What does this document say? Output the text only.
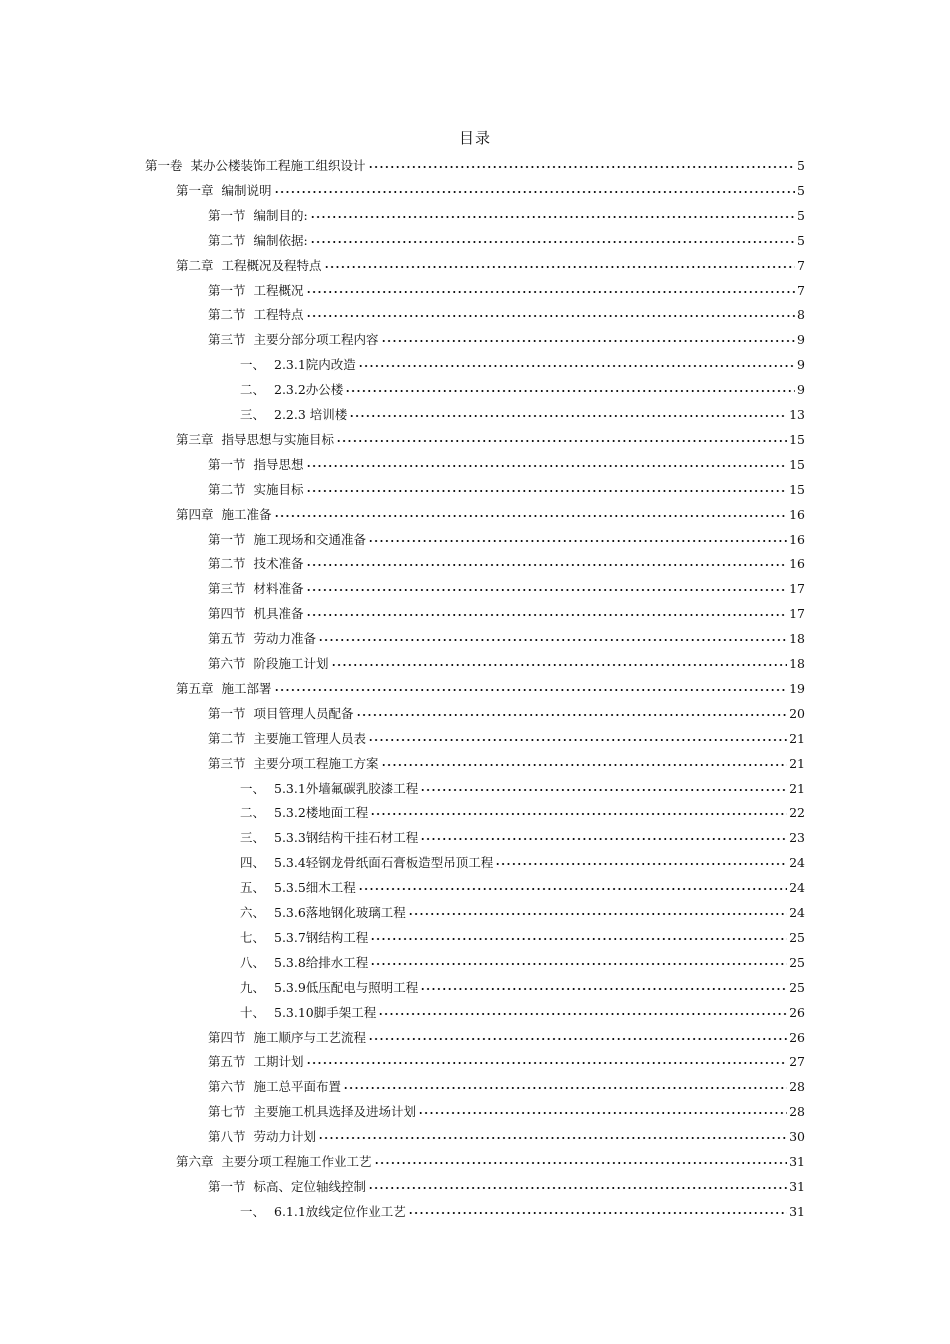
目录
第一卷 某办公楼装饰工程施工组织设计	5
第一章 编制说明	5
第一节 编制目的:	5
第二节 编制依据:	5
第二章 工程概况及程特点	7
第一节 工程概况	7
第二节 工程特点	8
第三节 主要分部分项工程内容	9
一、 2.3.1院内改造	9
二、 2.3.2办公楼	9
三、 2.2.3 培训楼	13
第三章 指导思想与实施目标	15
第一节 指导思想	15
第二节 实施目标	15
第四章 施工准备	16
第一节 施工现场和交通准备	16
第二节 技术准备	16
第三节 材料准备	17
第四节 机具准备	17
第五节 劳动力准备	18
第六节 阶段施工计划	18
第五章 施工部署	19
第一节 项目管理人员配备	20
第二节 主要施工管理人员表	21
第三节 主要分项工程施工方案	21
一、 5.3.1外墙氟碳乳胶漆工程	21
二、 5.3.2楼地面工程	22
三、 5.3.3钢结构干挂石材工程	23
四、 5.3.4轻钢龙骨纸面石膏板造型吊顶工程	24
五、 5.3.5细木工程	24
六、 5.3.6落地钢化玻璃工程	24
七、 5.3.7钢结构工程	25
八、 5.3.8给排水工程	25
九、 5.3.9低压配电与照明工程	25
十、 5.3.10脚手架工程	26
第四节 施工顺序与工艺流程	26
第五节 工期计划	27
第六节 施工总平面布置	28
第七节 主要施工机具选择及进场计划	28
第八节 劳动力计划	30
第六章 主要分项工程施工作业工艺	31
第一节 标高、定位轴线控制	31
一、 6.1.1放线定位作业工艺	31
